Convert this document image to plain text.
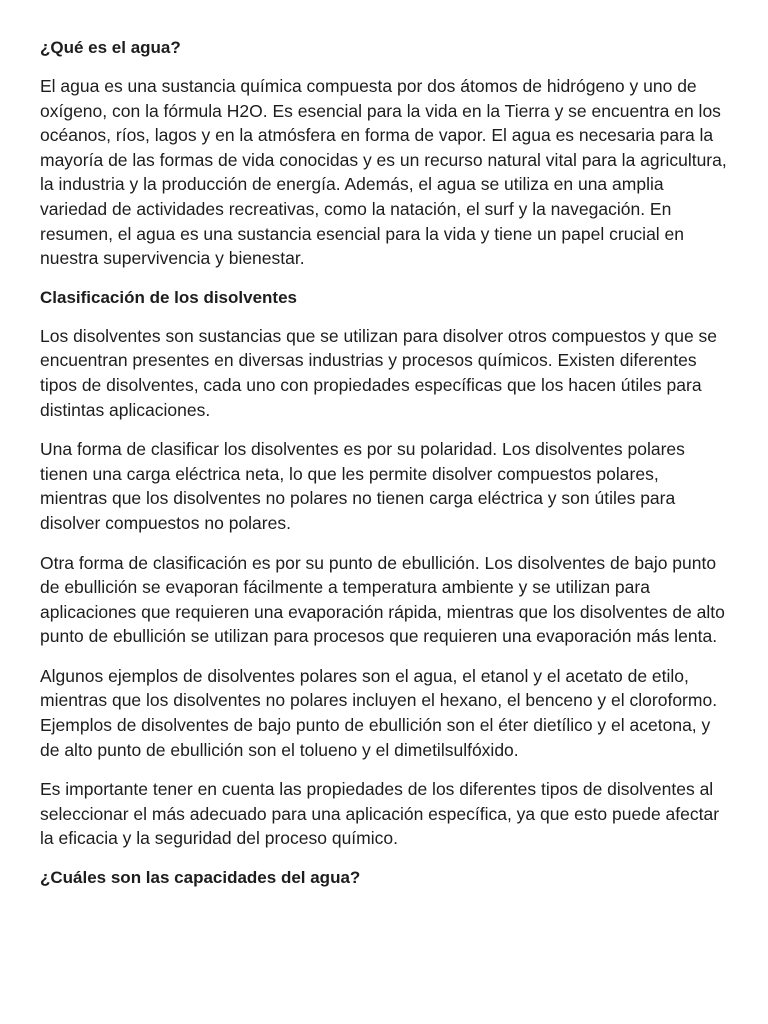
¿Qué es el agua?

El agua es una sustancia química compuesta por dos átomos de hidrógeno y uno de oxígeno, con la fórmula H2O. Es esencial para la vida en la Tierra y se encuentra en los océanos, ríos, lagos y en la atmósfera en forma de vapor. El agua es necesaria para la mayoría de las formas de vida conocidas y es un recurso natural vital para la agricultura, la industria y la producción de energía. Además, el agua se utiliza en una amplia variedad de actividades recreativas, como la natación, el surf y la navegación. En resumen, el agua es una sustancia esencial para la vida y tiene un papel crucial en nuestra supervivencia y bienestar.

Clasificación de los disolventes

Los disolventes son sustancias que se utilizan para disolver otros compuestos y que se encuentran presentes en diversas industrias y procesos químicos. Existen diferentes tipos de disolventes, cada uno con propiedades específicas que los hacen útiles para distintas aplicaciones.

Una forma de clasificar los disolventes es por su polaridad. Los disolventes polares tienen una carga eléctrica neta, lo que les permite disolver compuestos polares, mientras que los disolventes no polares no tienen carga eléctrica y son útiles para disolver compuestos no polares.

Otra forma de clasificación es por su punto de ebullición. Los disolventes de bajo punto de ebullición se evaporan fácilmente a temperatura ambiente y se utilizan para aplicaciones que requieren una evaporación rápida, mientras que los disolventes de alto punto de ebullición se utilizan para procesos que requieren una evaporación más lenta.

Algunos ejemplos de disolventes polares son el agua, el etanol y el acetato de etilo, mientras que los disolventes no polares incluyen el hexano, el benceno y el cloroformo. Ejemplos de disolventes de bajo punto de ebullición son el éter dietílico y el acetona, y de alto punto de ebullición son el tolueno y el dimetilsulfóxido.

Es importante tener en cuenta las propiedades de los diferentes tipos de disolventes al seleccionar el más adecuado para una aplicación específica, ya que esto puede afectar la eficacia y la seguridad del proceso químico.

¿Cuáles son las capacidades del agua?
